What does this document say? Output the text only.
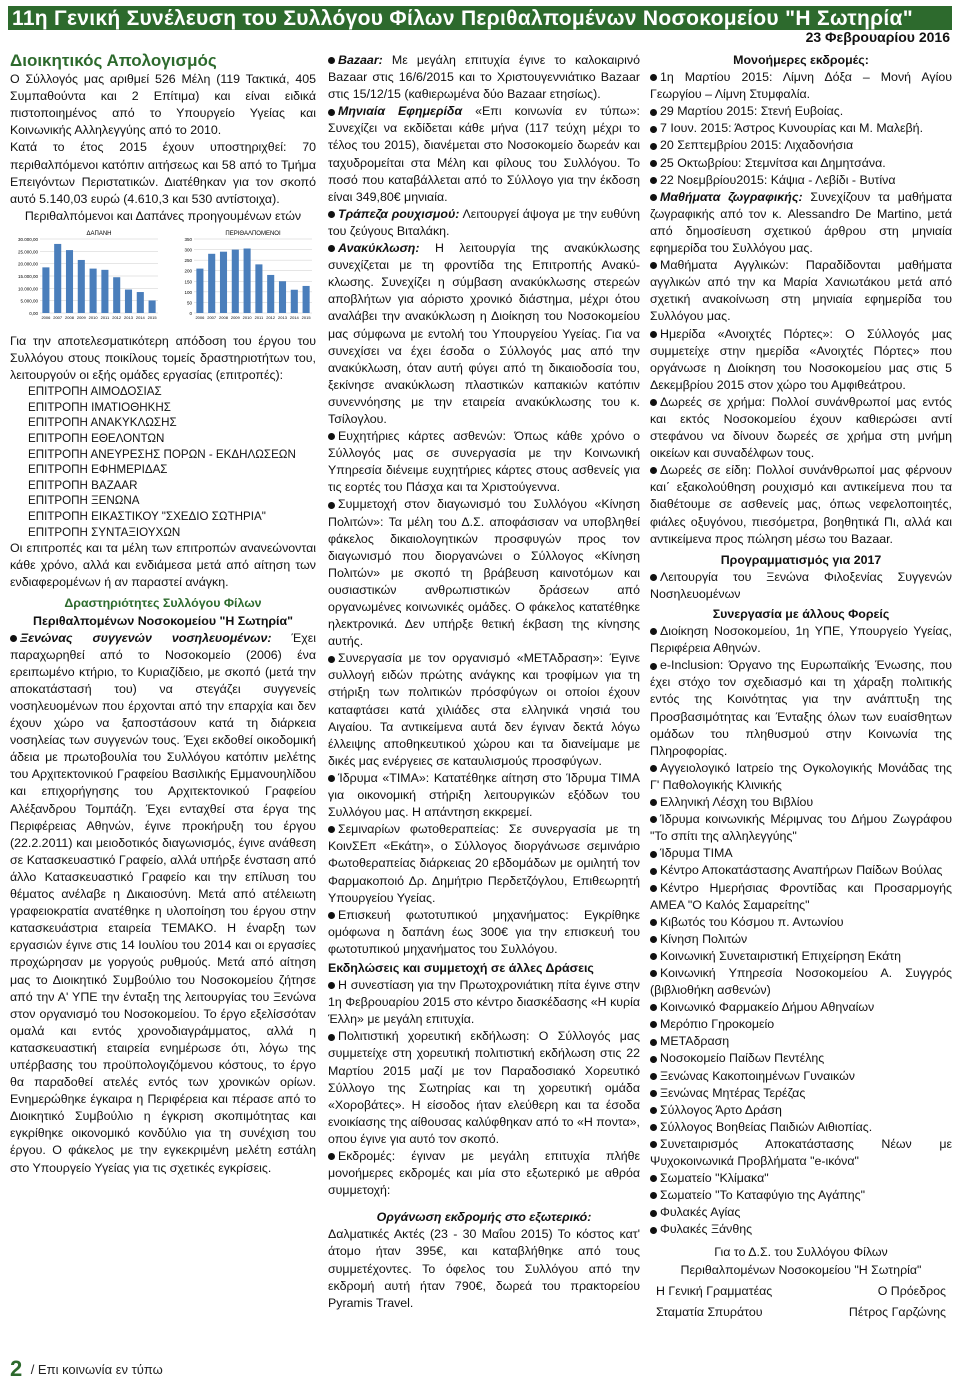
11η Γενική Συνέλευση του Συλλόγου Φίλων Περιθαλπομένων Νοσοκομείου "Η Σωτηρία"
23 Φεβρουαρίου 2016
Διοικητικός Απολογισμός

Ο Σύλλογός μας αριθμεί 526 Μέλη (119 Τακτικά, 405 Συμπαθούντα και 2 Επίτιμα) και είναι ειδικά πιστοποιημένος από το Υπουργείο Υγείας και Κοινωνικής Αλληλεγγύης από το 2010.

Κατά το έτος 2015 έχουν υποστηριχθεί: 70 περιθαλπόμενοι κατόπιν αιτήσεως και 58 από το Τμήμα Επειγόντων Περιστατικών. Διατέθηκαν για τον σκοπό αυτό 5.140,03 ευρώ (4.610,3 και 530 αντίστοιχα).

Περιθαλπόμενοι και Δαπάνες προηγουμένων ετών

ΔΑΠΑΝΗ
0,00
5.000,00
10.000,00
15.000,00
20.000,00
25.000,00
30.000,00
2006 2007 2008 2009 2010 2011 2012 2013 2014 2015
ΠΕΡΙΘΑΛΠΟΜΕΝΟΙ
0
50
100
150
200
250
300
350
2006 2007 2008 2009 2010 2011 2012 2013 2014 2015

Για την αποτελεσματικότερη απόδοση του έργου του Συλλόγου στους ποικίλους τομείς δραστηριοτήτων του, λειτουργούν οι εξής ομάδες εργασίας (επιτροπές):

ΕΠΙΤΡΟΠΗ ΑΙΜΟΔΟΣΙΑΣ
ΕΠΙΤΡΟΠΗ ΙΜΑΤΙΟΘΗΚΗΣ
ΕΠΙΤΡΟΠΗ ΑΝΑΚΥΚΛΩΣΗΣ
ΕΠΙΤΡΟΠΗ ΕΘΕΛΟΝΤΩΝ
ΕΠΙΤΡΟΠΗ ΑΝΕΥΡΕΣΗΣ ΠΟΡΩΝ - ΕΚΔΗΛΩΣΕΩΝ
ΕΠΙΤΡΟΠΗ ΕΦΗΜΕΡΙΔΑΣ
ΕΠΙΤΡΟΠΗ BAZAAR
ΕΠΙΤΡΟΠΗ ΞΕΝΩΝΑ
ΕΠΙΤΡΟΠΗ ΕΙΚΑΣΤΙΚΟΥ "ΣΧΕΔΙΟ ΣΩΤΗΡΙΑ"
ΕΠΙΤΡΟΠΗ ΣΥΝΤΑΞΙΟΥΧΩΝ

Οι επιτροπές και τα μέλη των επιτροπών ανανεώνονται κάθε χρόνο, αλλά και ενδιάμεσα μετά από αίτηση των ενδιαφερομένων ή αν παραστεί ανάγκη.

Δραστηριότητες Συλλόγου Φίλων

Περιθαλπομένων Νοσοκομείου "Η Σωτηρία"

Ξενώνας συγγενών νοσηλευομένων: Έχει παραχωρηθεί από το Νοσοκομείο (2006) ένα ερειπωμένο κτήριο, το Κυριαζίδειο, με σκοπό (μετά την αποκατάστασή του) να στεγάζει συγγενείς νοσηλευομένων που έρχονται από την επαρχία και δεν έχουν χώρο να ξαποστάσουν κατά τη διάρκεια νοσηλείας των συγγενών τους. Έχει εκδοθεί οικοδομική άδεια με πρωτοβουλία του Συλλόγου κατόπιν μελέτης του Αρχιτεκτονικού Γραφείου Βασιλικής Εμμανουηλίδου και επιχορήγησης του Αρχιτεκτονικού Γραφείου Αλέξανδρου Τομπάζη. Έχει ενταχθεί στα έργα της Περιφέρειας Αθηνών, έγινε προκήρυξη του έργου (22.2.2011) και μειοδοτικός διαγωνισμός, έγινε ανάθεση σε Κατασκευαστικό Γραφείο, αλλά υπήρξε ένσταση από άλλο Κατασκευαστικό Γραφείο και την επίλυση του θέματος ανέλαβε η Δικαιοσύνη. Μετά από ατέλειωτη γραφειοκρατία ανατέθηκε η υλοποίηση του έργου στην κατασκευάστρια εταιρεία ΤΕΜΑΚΟ. Η έναρξη των εργασιών έγινε στις 14 Ιουλίου του 2014 και οι εργασίες προχώρησαν με γοργούς ρυθμούς. Μετά από αίτηση μας το Διοικητικό Συμβούλιο του Νοσοκομείου ζήτησε από την Α' ΥΠΕ την ένταξη της λειτουργίας του Ξενώνα στον οργανισμό του Νοσοκομείου. Το έργο εξελίσσόταν ομαλά και εντός χρονοδιαγράμματος, αλλά η κατασκευαστική εταιρεία ενημέρωσε ότι, λόγω της υπέρβασης του προϋπολογιζόμενου κόστους, το έργο θα παραδοθεί ατελές εντός των χρονικών ορίων. Ενημερώθηκε έγκαιρα η Περιφέρεια και πέρασε από το Διοικητικό Συμβούλιο η έγκριση σκοπιμότητας και εγκρίθηκε οικονομικό κονδύλιο για τη συνέχιση του έργου. Ο φάκελος με την εγκεκριμένη μελέτη εστάλη στο Υπουργείο Υγείας για τις σχετικές εγκρίσεις.

Bazaar: Με μεγάλη επιτυχία έγινε το καλοκαιρινό Bazaar στις 16/6/2015 και το Χριστουγεννιάτικο Bazaar στις 15/12/15 (καθιερωμένα δύο Bazaar ετησίως).

Μηνιαία Εφημερίδα «Επι κοινωνία εν τύπω»: Συνεχίζει να εκδίδεται κάθε μήνα (117 τεύχη μέχρι το τέλος του 2015), διανέμεται στο Νοσοκομείο δωρεάν και ταχυδρομείται στα Μέλη και φίλους του Συλλόγου. Το ποσό που καταβάλλεται από το Σύλλογο για την έκδοση είναι 349,80€ μηνιαία.

Τράπεζα ρουχισμού: Λειτουργεί άψογα με την ευθύνη του ζεύγους Βιταλάκη.

Ανακύκλωση: Η λειτουργία της ανακύκλωσης συνεχίζεται με τη φροντίδα της Επιτροπής Ανακύκλωσης. Συνεχίζει η σύμβαση ανακύκλωσης στερεών αποβλήτων για αόριστο χρονικό διάστημα, μέχρι ότου αναλάβει την ανακύκλωση η Διοίκηση του Νοσοκομείου μας σύμφωνα με εντολή του Υπουργείου Υγείας. Για να συνεχίσει να έχει έσοδα ο Σύλλογός μας από την ανακύκλωση, όταν αυτή φύγει από τη δικαιοδοσία του, ξεκίνησε ανακύκλωση πλαστικών καπακιών κατόπιν συνεννόησης με την εταιρεία ανακύκλωσης του κ. Τσίλογλου.

Ευχητήριες κάρτες ασθενών: Όπως κάθε χρόνο ο Σύλλογός μας σε συνεργασία με την Κοινωνική Υπηρεσία διένειμε ευχητήριες κάρτες στους ασθενείς για τις εορτές του Πάσχα και τα Χριστούγεννα.

Συμμετοχή στον διαγωνισμό του Συλλόγου «Κίνηση Πολιτών»: Τα μέλη του Δ.Σ. αποφάσισαν να υποβληθεί φάκελος δικαιολογητικών προσφυγών προς τον διαγωνισμό που διοργανώνει ο Σύλλογος «Κίνηση Πολιτών» με σκοπό τη βράβευση καινοτόμων και ουσιαστικών ανθρωπιστικών δράσεων από οργανωμένες κοινωνικές ομάδες. Ο φάκελος κατατέθηκε ηλεκτρονικά. Δεν υπήρξε θετική έκβαση της κίνησης αυτής.

Συνεργασία με τον οργανισμό «ΜΕΤΑδραση»: Έγινε συλλογή ειδών πρώτης ανάγκης και τροφίμων για τη στήριξη των πολιτικών πρόσφύγων οι οποίοι έχουν καταφτάσει κατά χιλιάδες στα ελληνικά νησιά του Αιγαίου. Τα αντικείμενα αυτά δεν έγιναν δεκτά λόγω έλλειψης αποθηκευτικού χώρου και τα διανείμαμε με δικές μας ενέργειες σε καταυλισμούς προσφύγων.

Ίδρυμα «ΤΙΜΑ»: Κατατέθηκε αίτηση στο Ίδρυμα ΤΙΜΑ για οικονομική στήριξη λειτουργικών εξόδων του Συλλόγου μας. Η απάντηση εκκρεμεί.

Σεμιναρίων φωτοθεραπείας: Σε συνεργασία με τη ΚοινΣΕπ «Εκάτη», ο Σύλλογος διοργάνωσε σεμινάριο Φωτοθεραπείας διάρκειας 20 εβδομάδων με ομιλητή τον Φαρμακοποιό Δρ. Δημήτριο Περδετζόγλου, Επιθεωρητή Υπουργείου Υγείας.

Επισκευή φωτοτυπικού μηχανήματος: Εγκρίθηκε ομόφωνα η δαπάνη έως 300€ για την επισκευή του φωτοτυπικού μηχανήματος του Συλλόγου.

Εκδηλώσεις και συμμετοχή σε άλλες Δράσεις

Η συνεστίαση για την Πρωτοχρονιάτικη πίτα έγινε στην 1η Φεβρουαρίου 2015 στο κέντρο διασκέδασης «Η κυρία Έλλη» με μεγάλη επιτυχία.

Πολιτιστική χορευτική εκδήλωση: Ο Σύλλογός μας συμμετείχε στη χορευτική πολιτιστική εκδήλωση στις 22 Μαρτίου 2015 μαζί με τον Παραδοσιακό Χορευτικό Σύλλογο της Σωτηρίας και τη χορευτική ομάδα «Χοροβάτες». Η είσοδος ήταν ελεύθερη και τα έσοδα ενοικίασης της αίθουσας καλύφθηκαν από το «Η ποντα», οπου έγινε για αυτό τον σκοπό.

Εκδρομές: έγιναν με μεγάλη επιτυχία πλήθε μονοήμερες εκδρομές και μία στο εξωτερικό με αθρόα συμμετοχή:

Οργάνωση εκδρομής στο εξωτερικό:

Δαλματικές Ακτές (23 - 30 Μαΐου 2015) Το κόστος κατ' άτομο ήταν 395€, και καταβλήθηκε από τους συμμετέχοντες. Το όφελος του Συλλόγου από την εκδρομή αυτή ήταν 790€, δωρεά του πρακτορείου Pyramis Travel.

Μονοήμερες εκδρομές:

1η Μαρτίου 2015: Λίμνη Δόξα – Μονή Αγίου Γεωργίου – Λίμνη Στυμφαλία.

29 Μαρτίου 2015: Στενή Ευβοίας.

7 Ιουν. 2015: Άστρος Κυνουρίας και Μ. Μαλεβή.

20 Σεπτεμβρίου 2015: Λιχαδονήσια

25 Οκτωβρίου: Στεμνίτσα και Δημητσάνα.

22 Νοεμβρίου2015: Κάψια - Λεβίδι - Βυτίνα

Μαθήματα ζωγραφικής: Συνεχίζουν τα μαθήματα ζωγραφικής από τον κ. Alessandro De Martino, μετά από δημοσίευση σχετικού άρθρου στη μηνιαία εφημερίδα του Συλλόγου μας.

Μαθήματα Αγγλικών: Παραδίδονται μαθήματα αγγλικών από την κα Μαρία Χανιωτάκου μετά από σχετική ανακοίνωση στη μηνιαία εφημερίδα του Συλλόγου μας.

Ημερίδα «Ανοιχτές Πόρτες»: Ο Σύλλογός μας συμμετείχε στην ημερίδα «Ανοιχτές Πόρτες» που οργάνωσε η Διοίκηση του Νοσοκομείου μας στις 5 Δεκεμβρίου 2015 στον χώρο του Αμφιθεάτρου.

Δωρεές σε χρήμα: Πολλοί συνάνθρωποί μας εντός και εκτός Νοσοκομείου έχουν καθιερώσει αντί στεφάνου να δίνουν δωρεές σε χρήμα στη μνήμη οικείων και συναδέλφων τους.

Δωρεές σε είδη: Πολλοί συνάνθρωποί μας φέρνουν και΄ εξακολούθηση ρουχισμό και αντικείμενα που τα διαθέτουμε σε ασθενείς μας, όπως νεφελοποιητές, φιάλες οξυγόνου, πιεσόμετρα, βοηθητικά Πι, αλλά και αντικείμενα προς πώληση μέσω του Bazaar.

Προγραμματισμός για 2017

Λειτουργία του Ξενώνα Φιλοξενίας Συγγενών Νοσηλευομένων

Συνεργασία με άλλους Φορείς

Διοίκηση Νοσοκομείου, 1η ΥΠΕ, Υπουργείο Υγείας, Περιφέρεια Αθηνών.

e-Inclusion: Όργανο της Ευρωπαϊκής Ένωσης, που έχει στόχο τον σχεδιασμό και τη χάραξη πολιτικής εντός της Κοινότητας για την ανάπτυξη της Προσβασιμότητας και Ένταξης όλων των ευαίσθητων ομάδων του πληθυσμού στην Κοινωνία της Πληροφορίας.

Αγγειολογικό Ιατρείο της Ογκολογικής Μονάδας της Γ' Παθολογικής Κλινικής

Ελληνική Λέσχη του Βιβλίου

Ίδρυμα κοινωνικής Μέριμνας του Δήμου Ζωγράφου "Το σπίτι της αλληλεγγύης"

Ίδρυμα ΤΙΜΑ

Κέντρο Αποκατάστασης Αναπήρων Παίδων Βούλας

Κέντρο Ημερήσιας Φροντίδας και Προσαρμογής ΑΜΕΑ "Ο Καλός Σαμαρείτης"

Κιβωτός του Κόσμου π. Αντωνίου

Κίνηση Πολιτών

Κοινωνική Συνεταιριστική Επιχείρηση Εκάτη

Κοινωνική Υπηρεσία Νοσοκομείου Α. Συγγρός (βιβλιοθήκη ασθενών)

Κοινωνικό Φαρμακείο Δήμου Αθηναίων

Μερόπιο Γηροκομείο

ΜΕΤΑδραση

Νοσοκομείο Παίδων Πεντέλης

Ξενώνας Κακοποιημένων Γυναικών

Ξενώνας Μητέρας Τερέζας

Σύλλογος Άρτο Δράση

Σύλλογος Βοηθείας Παιδιών Αιθιοπίας.

Συνεταιρισμός Αποκατάστασης Νέων με Ψυχοκοινωνικά Προβλήματα "e-ικόνα"

Σωματείο "Κλίμακα"

Σωματείο "Το Καταφύγιο της Αγάπης"

Φυλακές Αγίας

Φυλακές Ξάνθης

Για το Δ.Σ. του Συλλόγου Φίλων

Περιθαλπομένων Νοσοκομείου "Η Σωτηρία"

Η Γενική Γραμματέας	Ο Πρόεδρος
Σταματία Σπυράτου	Πέτρος Γαρζώνης
2 / Επι κοινωνία εν τύπω
